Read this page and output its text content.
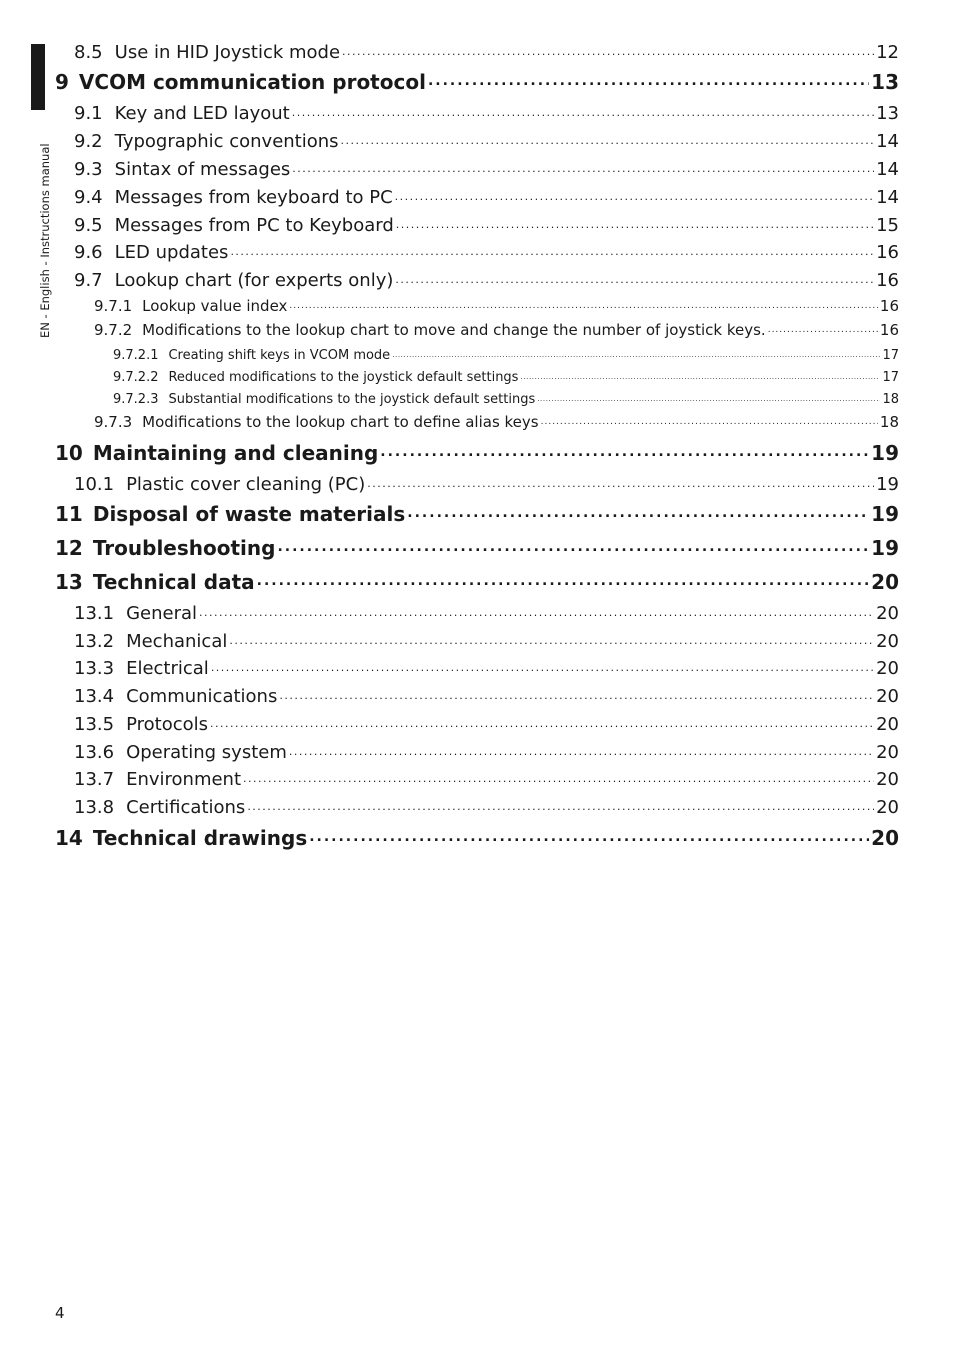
EN - English - Instructions manual
8.5 Use in HID Joystick mode .....	12
9 VCOM communication protocol .....	13
9.1 Key and LED layout .....	13
9.2 Typographic conventions .....	14
9.3 Sintax of messages .....	14
9.4 Messages from keyboard to PC .....	14
9.5 Messages from PC to Keyboard .....	15
9.6 LED updates .....	16
9.7 Lookup chart (for experts only) .....	16
9.7.1 Lookup value index .....	16
9.7.2 Modifications to the lookup chart to move and change the number of joystick keys. .....	16
9.7.2.1 Creating shift keys in VCOM mode .....	17
9.7.2.2 Reduced modifications to the joystick default settings .....	17
9.7.2.3 Substantial modifications to the joystick default settings .....	18
9.7.3 Modifications to the lookup chart to define alias keys .....	18
10 Maintaining and cleaning .....	19
10.1 Plastic cover cleaning (PC) .....	19
11 Disposal of waste materials .....	19
12 Troubleshooting .....	19
13 Technical data .....	20
13.1 General .....	20
13.2 Mechanical .....	20
13.3 Electrical .....	20
13.4 Communications .....	20
13.5 Protocols .....	20
13.6 Operating system .....	20
13.7 Environment .....	20
13.8 Certifications .....	20
14 Technical drawings .....	20
4
